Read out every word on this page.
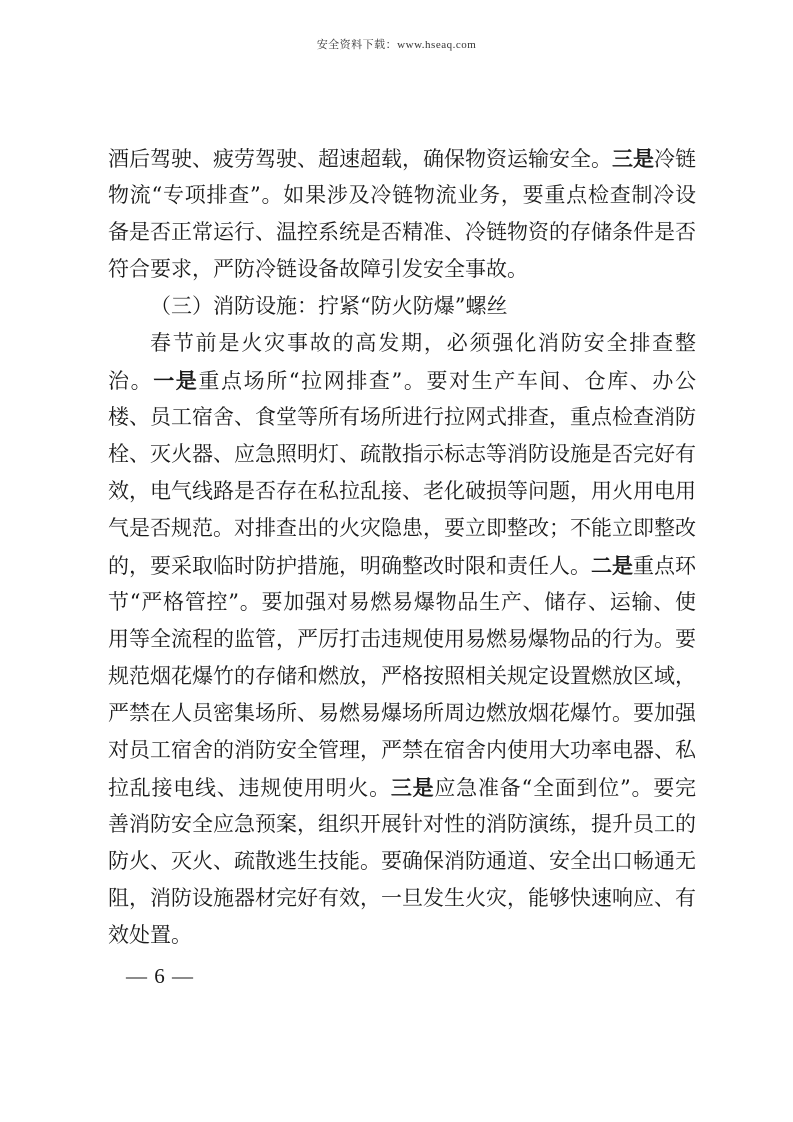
安全资料下载：www.hseaq.com
酒后驾驶、疲劳驾驶、超速超载，确保物资运输安全。三是冷链
物流“专项排查”。如果涉及冷链物流业务，要重点检查制冷设
备是否正常运行、温控系统是否精准、冷链物资的存储条件是否
符合要求，严防冷链设备故障引发安全事故。
（三）消防设施：拧紧“防火防爆”螺丝
春节前是火灾事故的高发期，必须强化消防安全排查整
治。一是重点场所“拉网排查”。要对生产车间、仓库、办公
楼、员工宿舍、食堂等所有场所进行拉网式排查，重点检查消防
栓、灭火器、应急照明灯、疏散指示标志等消防设施是否完好有
效，电气线路是否存在私拉乱接、老化破损等问题，用火用电用
气是否规范。对排查出的火灾隐患，要立即整改；不能立即整改
的，要采取临时防护措施，明确整改时限和责任人。二是重点环
节“严格管控”。要加强对易燃易爆物品生产、储存、运输、使
用等全流程的监管，严厉打击违规使用易燃易爆物品的行为。要
规范烟花爆竹的存储和燃放，严格按照相关规定设置燃放区域，
严禁在人员密集场所、易燃易爆场所周边燃放烟花爆竹。要加强
对员工宿舍的消防安全管理，严禁在宿舍内使用大功率电器、私
拉乱接电线、违规使用明火。三是应急准备“全面到位”。要完
善消防安全应急预案，组织开展针对性的消防演练，提升员工的
防火、灭火、疏散逃生技能。要确保消防通道、安全出口畅通无
阻，消防设施器材完好有效，一旦发生火灾，能够快速响应、有
效处置。
— 6 —
